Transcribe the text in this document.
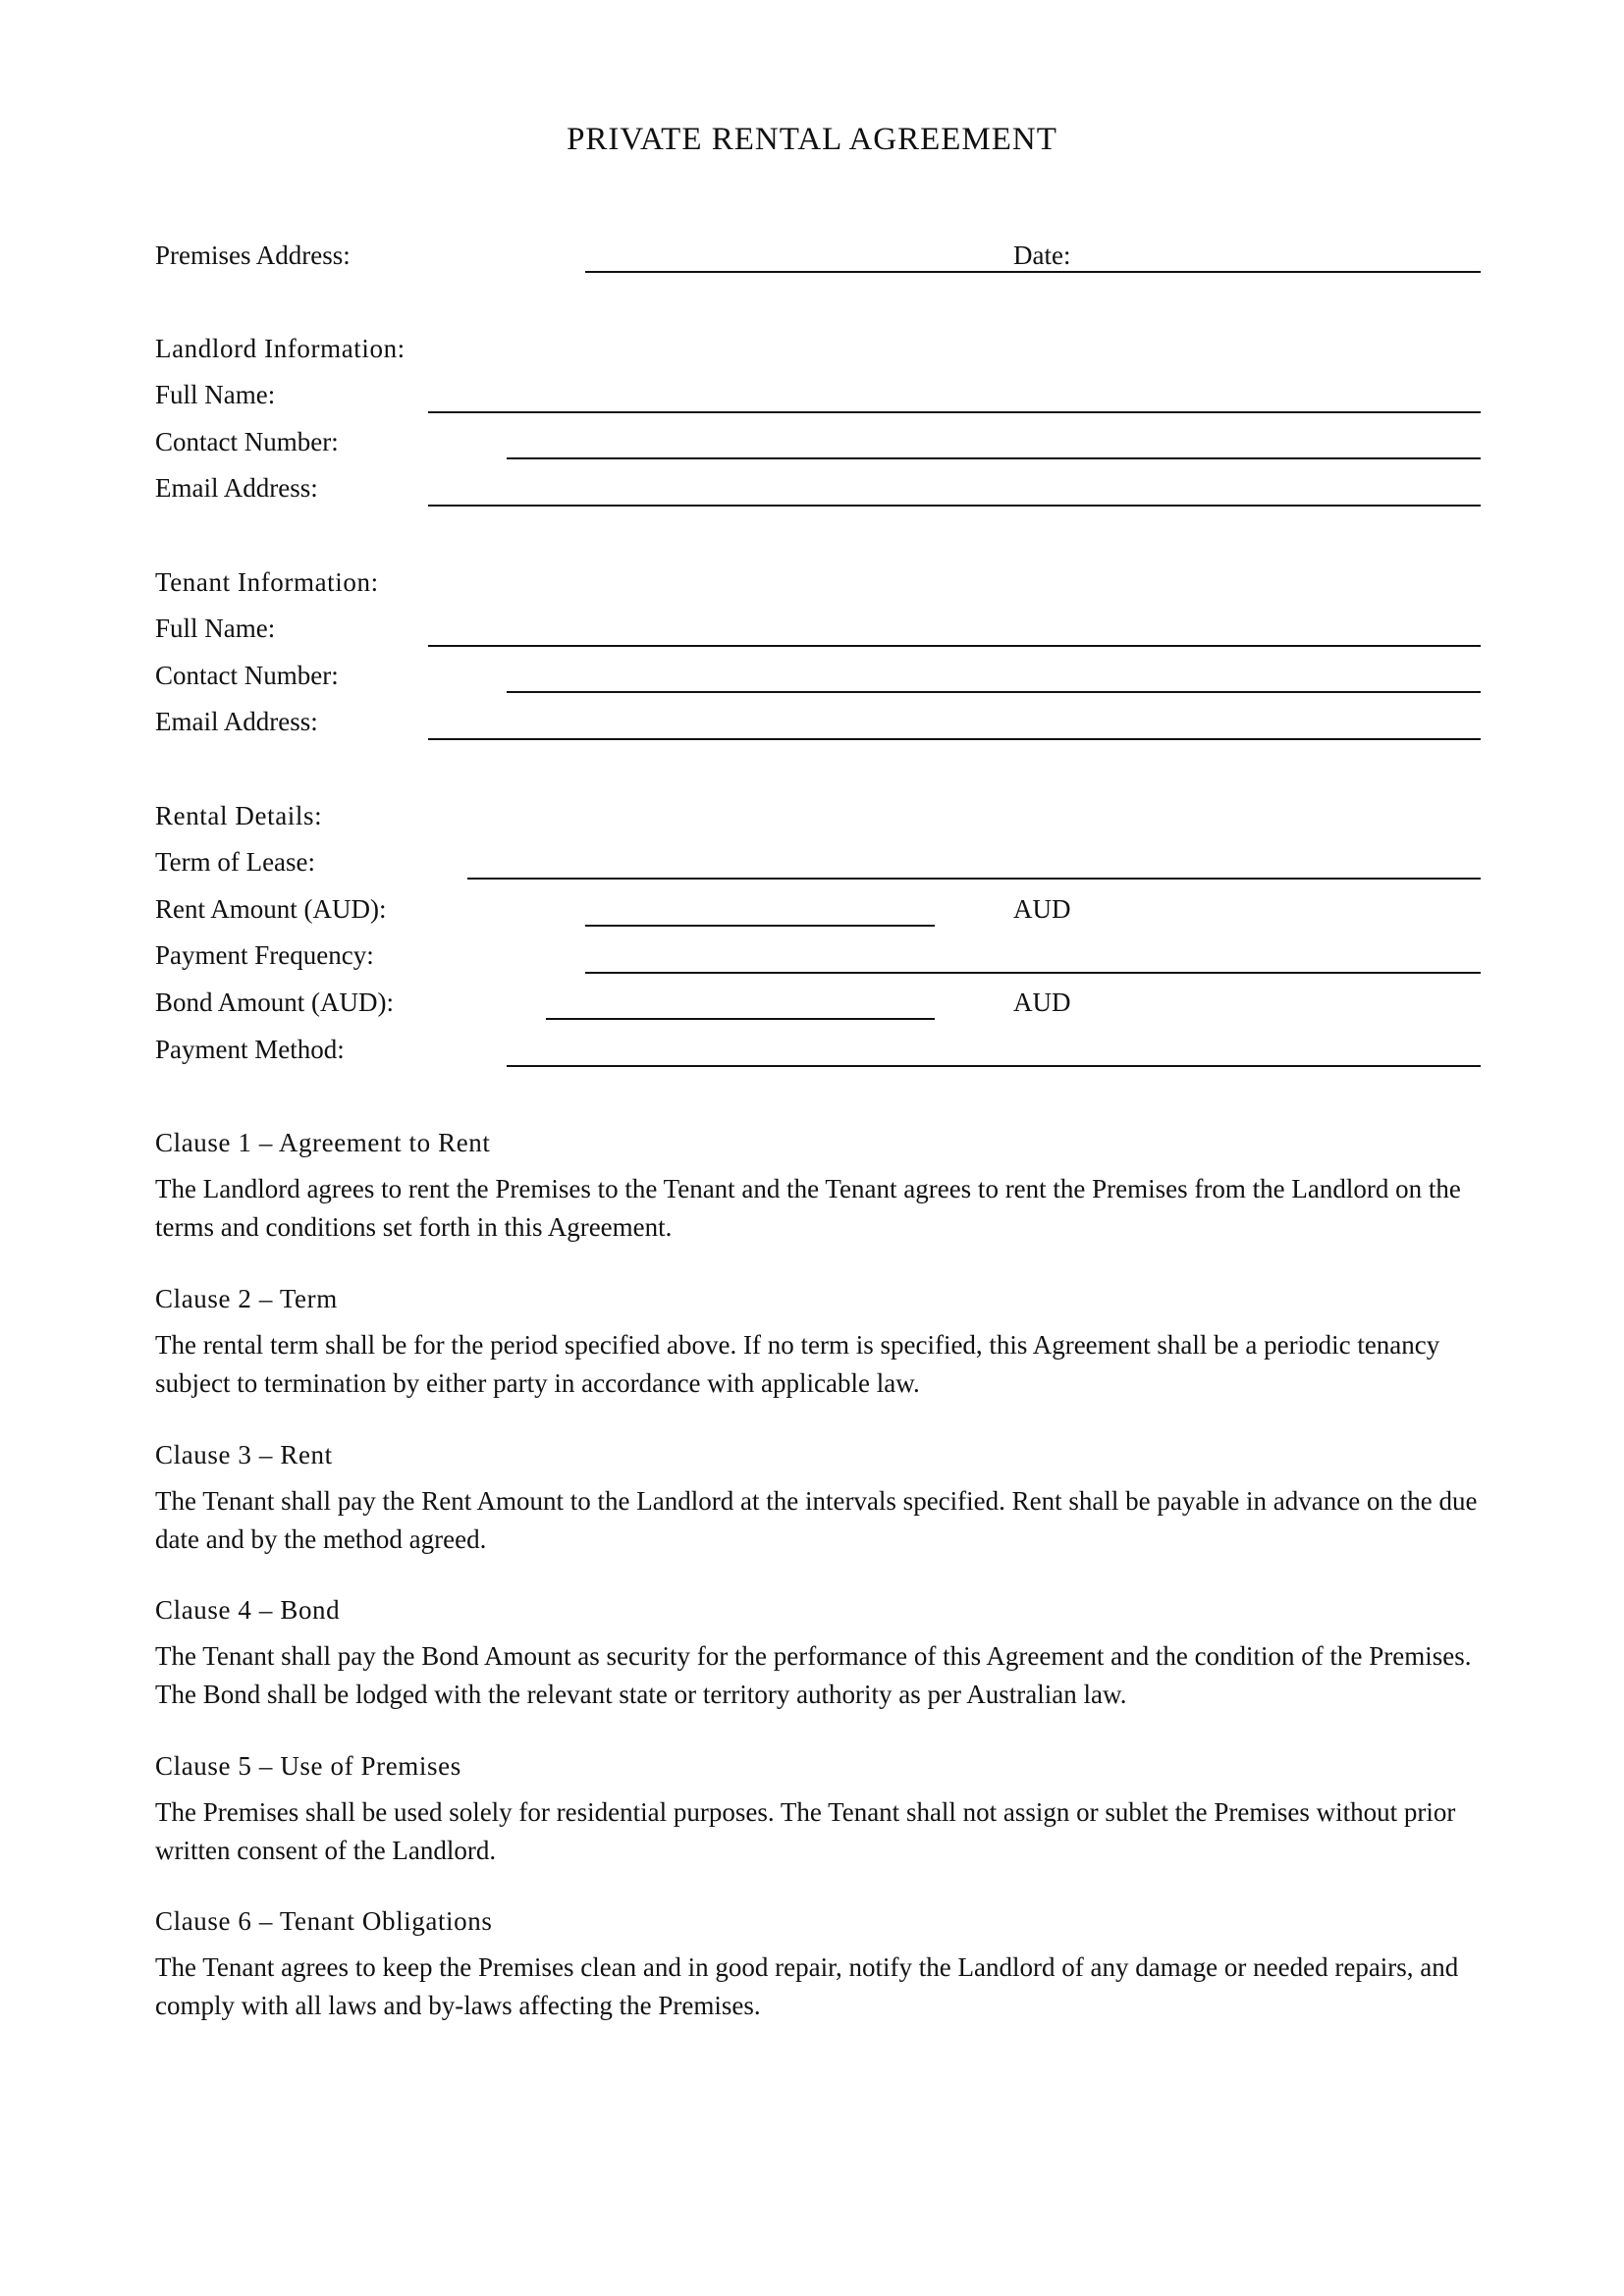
PRIVATE RENTAL AGREEMENT
Premises Address:	Date:
Landlord Information:
Full Name:
Contact Number:
Email Address:
Tenant Information:
Full Name:
Contact Number:
Email Address:
Rental Details:
Term of Lease:
Rent Amount (AUD):	AUD
Payment Frequency:
Bond Amount (AUD):	AUD
Payment Method:
Clause 1 – Agreement to Rent
The Landlord agrees to rent the Premises to the Tenant and the Tenant agrees to rent the Premises from the Landlord on the terms and conditions set forth in this Agreement.
Clause 2 – Term
The rental term shall be for the period specified above. If no term is specified, this Agreement shall be a periodic tenancy subject to termination by either party in accordance with applicable law.
Clause 3 – Rent
The Tenant shall pay the Rent Amount to the Landlord at the intervals specified. Rent shall be payable in advance on the due date and by the method agreed.
Clause 4 – Bond
The Tenant shall pay the Bond Amount as security for the performance of this Agreement and the condition of the Premises. The Bond shall be lodged with the relevant state or territory authority as per Australian law.
Clause 5 – Use of Premises
The Premises shall be used solely for residential purposes. The Tenant shall not assign or sublet the Premises without prior written consent of the Landlord.
Clause 6 – Tenant Obligations
The Tenant agrees to keep the Premises clean and in good repair, notify the Landlord of any damage or needed repairs, and comply with all laws and by-laws affecting the Premises.
